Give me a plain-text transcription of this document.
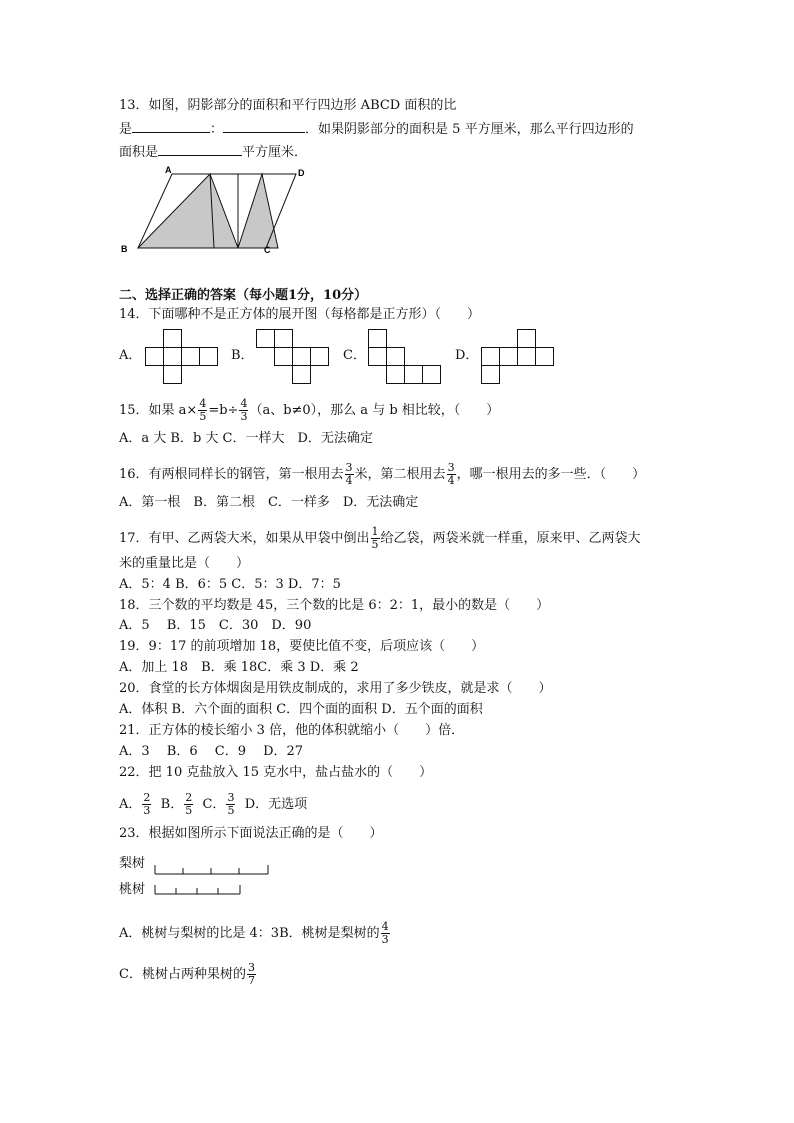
13．如图，阴影部分的面积和平行四边形 ABCD 面积的比
是	：	．如果阴影部分的面积是 5 平方厘米，那么平行四边形的
面积是	平方厘米．
A	D
B	C
二、选择正确的答案（每小题1分，10分）
14．下面哪种不是正方体的展开图（每格都是正方形）（　　）
A．	B．	C．	D．
15．如果 $a\times \frac{4}{5} =b\div \frac{4}{3} (a$、b≠0），那么 a 与 b 相比较，（　　）
A．a 大 B．b 大 C．一样大　D．无法确定
16．有两根同样长的钢管，第一根用去 $\frac{3}{4}$ 米，第二根用去 $\frac{3}{4}$ ，哪一根用去的多一些．（　　）
A．第一根　B．第二根　C．一样多　D．无法确定
17．有甲、乙两袋大米，如果从甲袋中倒出 $\frac{1}{5}$ 给乙袋，两袋米就一样重，原来甲、乙两袋大
米的重量比是（　　）
A．5：4 B．6：5 C．5：3 D．7：5
18．三个数的平均数是 45，三个数的比是 6：2：1，最小的数是（　　）
A．5　 B．15　C．30　D．90
19．9：17 的前项增加 18，要使比值不变，后项应该（　　）
A．加上 18　B．乘 18C．乘 3 D．乘 2
20．食堂的长方体烟囱是用铁皮制成的，求用了多少铁皮，就是求（　　）
A．体积 B．六个面的面积 C．四个面的面积 D．五个面的面积
21．正方体的棱长缩小 3 倍，他的体积就缩小（　　）倍．
A．3　 B．6　 C．9　 D．27
22．把 10 克盐放入 15 克水中，盐占盐水的（　　）
A． $\frac{2}{3}$ B． $\frac{2}{5}$ C． $\frac{3}{5}$ D．无选项
23．根据如图所示下面说法正确的是（　　）
梨树
桃树
A．桃树与梨树的比是 4：3B．桃树是梨树的 $\frac{4}{3}$
C．桃树占两种果树的 $\frac{3}{7}$
